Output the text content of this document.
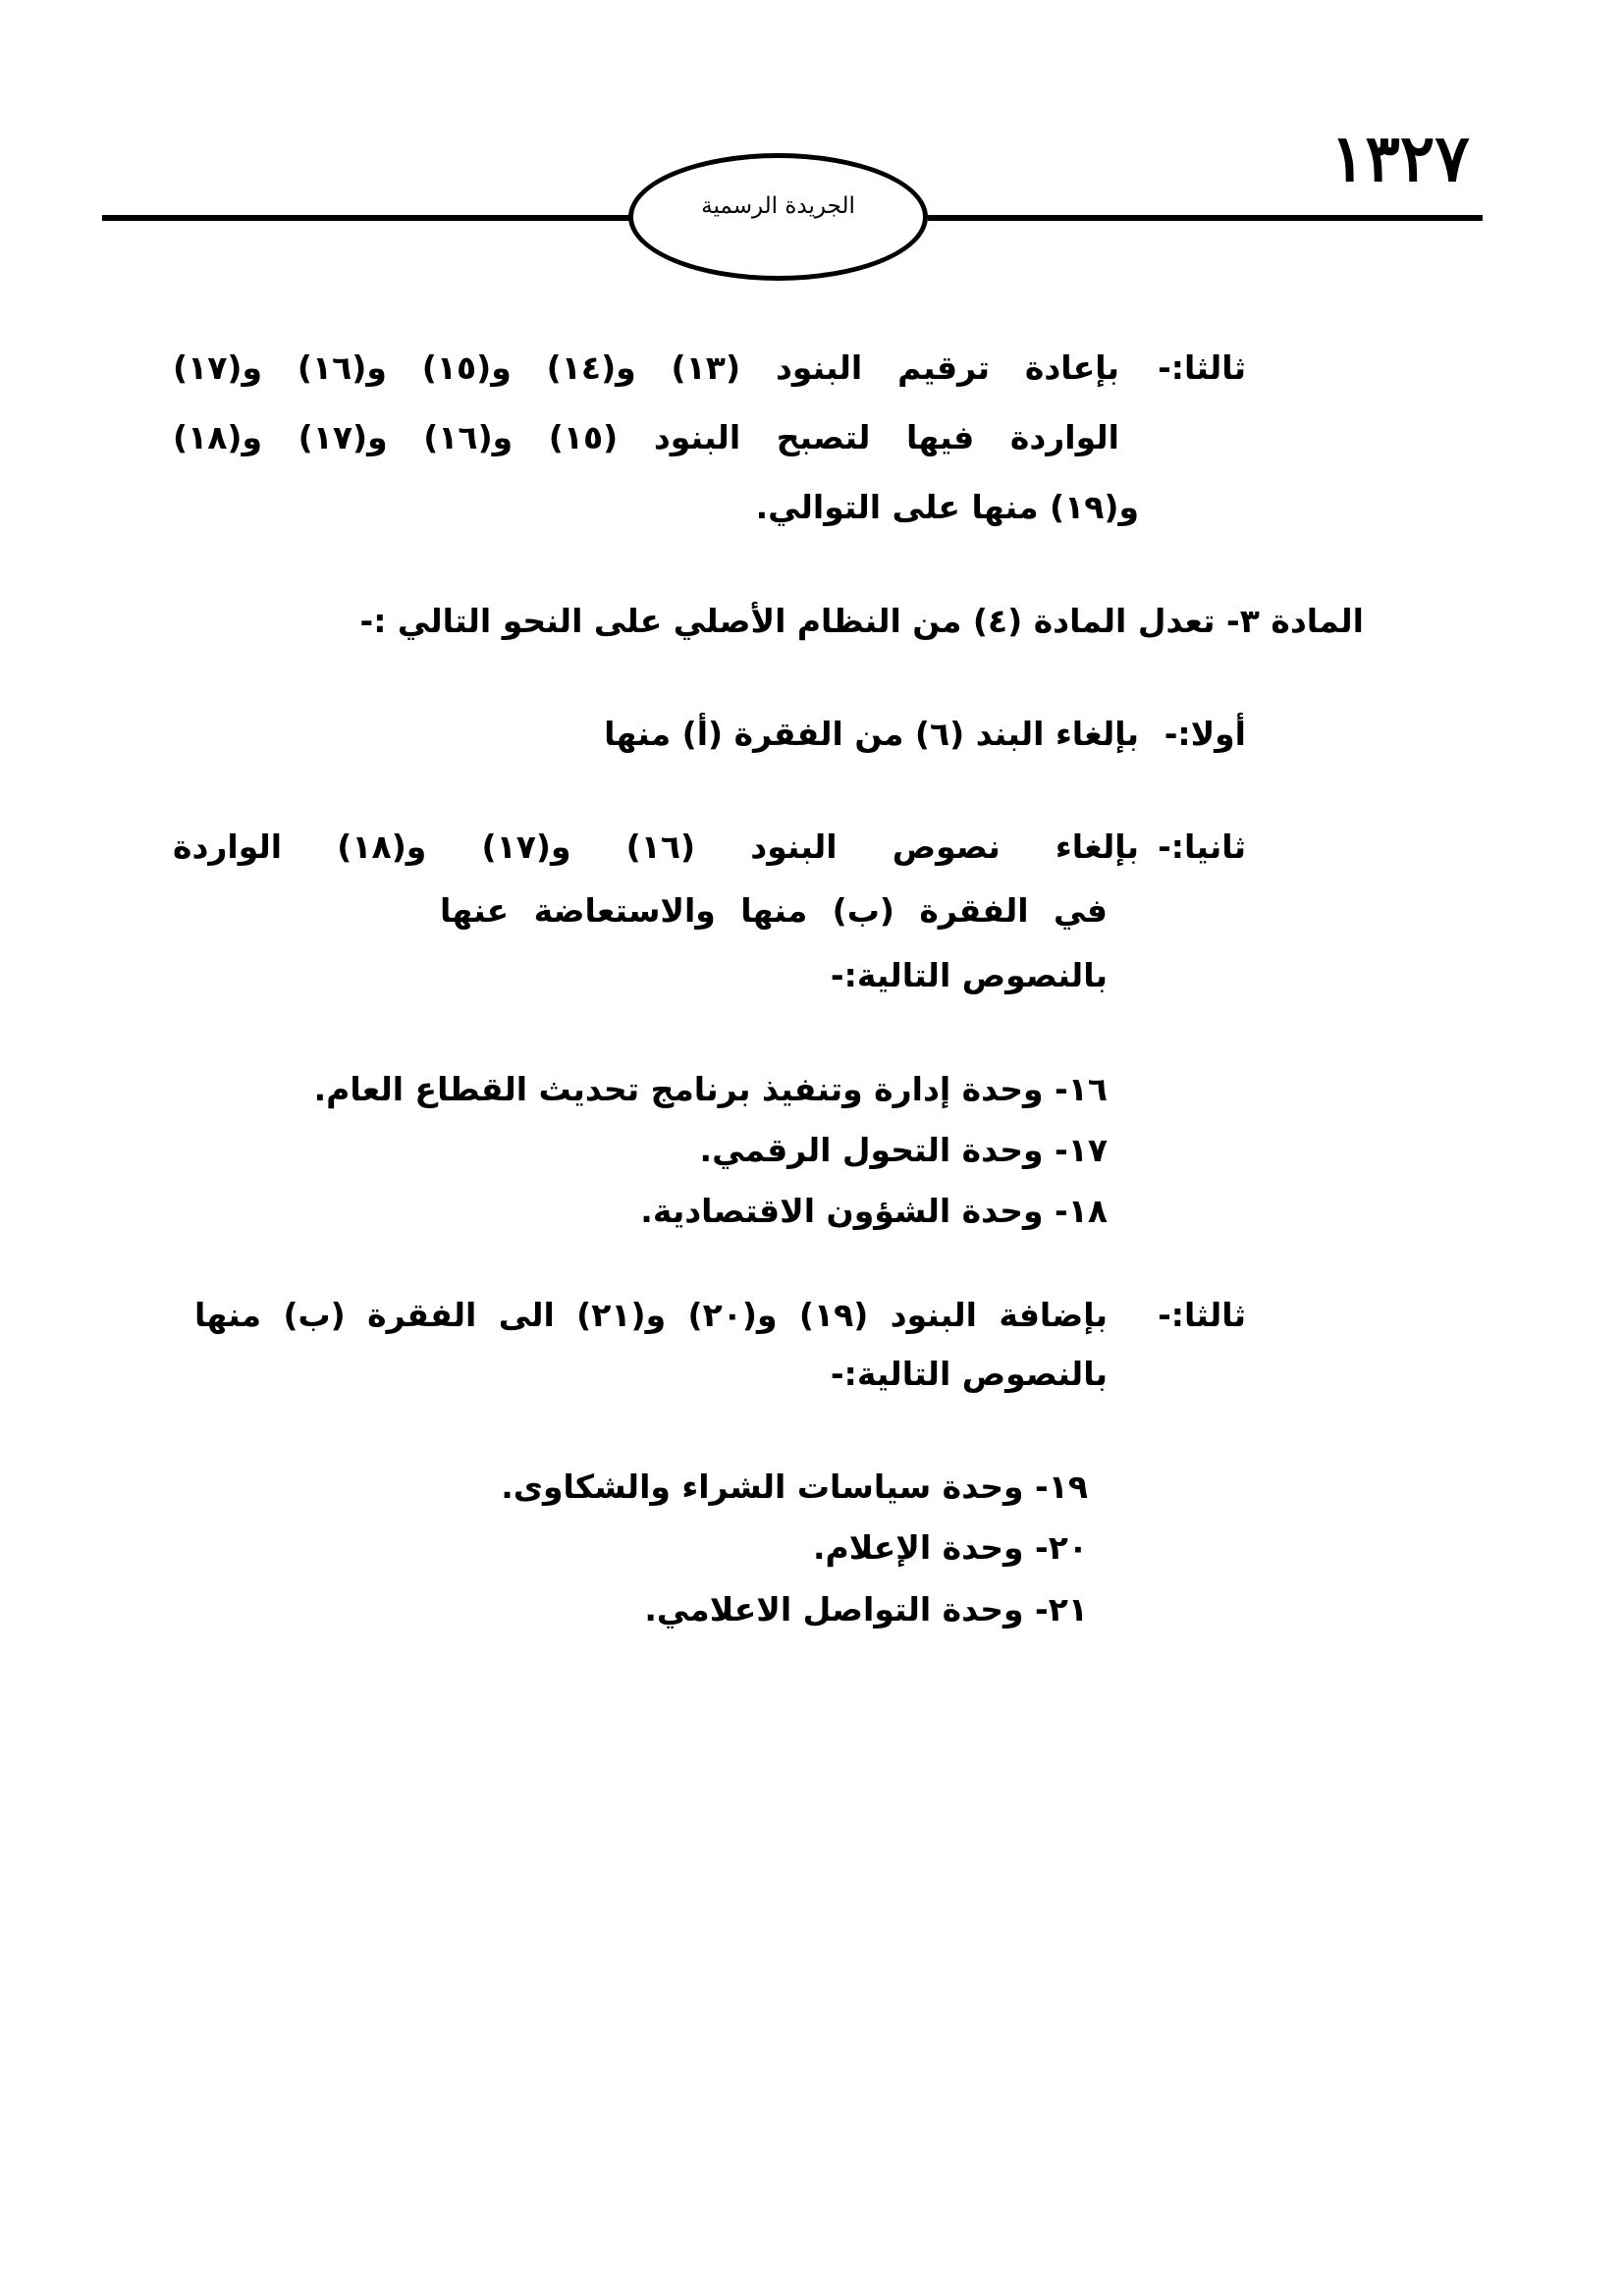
١٣٢٧
الجريدة الرسمية
ثالثا:-
بإعادة ترقيم البنود (١٣) و(١٤) و(١٥) و(١٦) و(١٧)
الواردة فيها لتصبح البنود (١٥) و(١٦) و(١٧) و(١٨)
و(١٩) منها على التوالي.
المادة ٣- تعدل المادة (٤) من النظام الأصلي على النحو التالي :-
أولا:-
بإلغاء البند (٦) من الفقرة (أ) منها
ثانيا:-
بإلغاء نصوص البنود (١٦) و(١٧) و(١٨) الواردة
في الفقرة (ب) منها والاستعاضة عنها
بالنصوص التالية:-
١٦- وحدة إدارة وتنفيذ برنامج تحديث القطاع العام.
١٧- وحدة التحول الرقمي.
١٨- وحدة الشؤون الاقتصادية.
ثالثا:-
بإضافة البنود (١٩) و(٢٠) و(٢١) الى الفقرة (ب) منها
بالنصوص التالية:-
١٩- وحدة سياسات الشراء والشكاوى.
٢٠- وحدة الإعلام.
٢١- وحدة التواصل الاعلامي.
